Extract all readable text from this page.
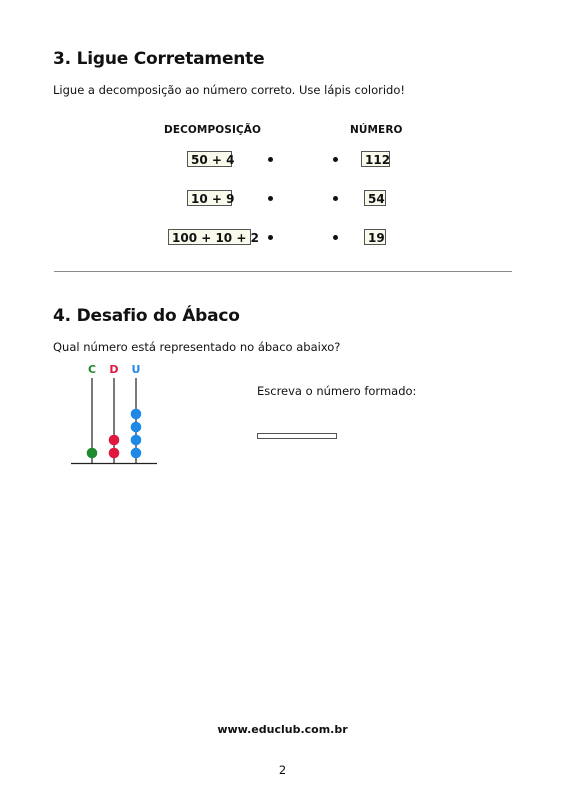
3. Ligue Corretamente
Ligue a decomposição ao número correto. Use lápis colorido!
DECOMPOSIÇÃO	NÚMERO
50 + 4
10 + 9
100 + 10 + 2
112
54
19
4. Desafio do Ábaco
Qual número está representado no ábaco abaixo?
C D U
Escreva o número formado:
www.educlub.com.br
2
